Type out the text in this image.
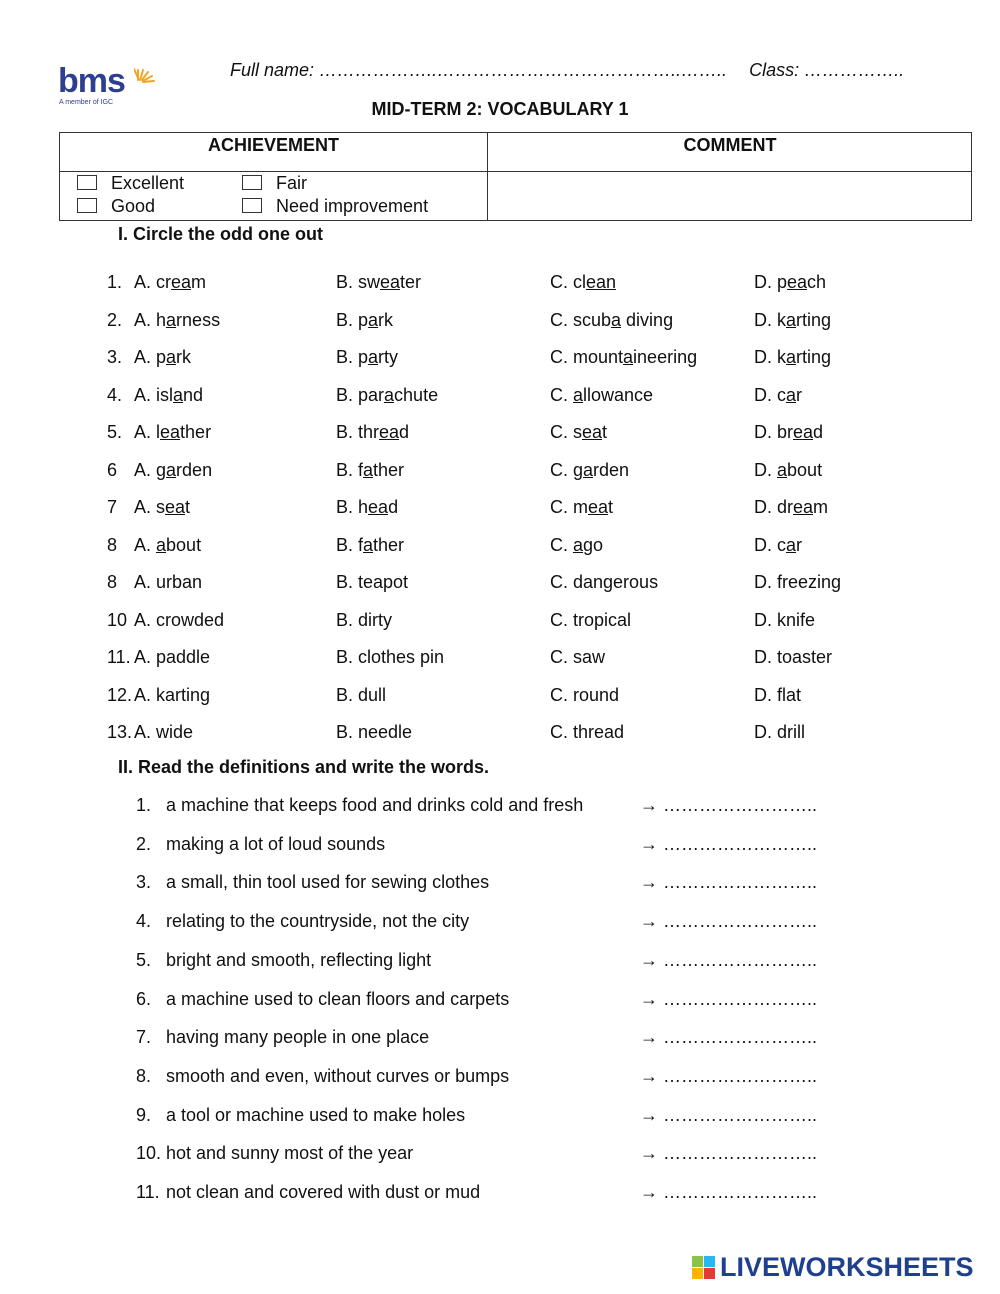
bms
A member of IGC
Full name: ………………..…………………………………..…….. Class: ……………..
MID-TERM 2: VOCABULARY 1
ACHIEVEMENT	COMMENT
Excellent	Fair
Good	Need improvement
I. Circle the odd one out
1. A. cream	B. sweater	C. clean	D. peach
2. A. harness	B. park	C. scuba diving	D. karting
3. A. park	B. party	C. mountaineering	D. karting
4. A. island	B. parachute	C. allowance	D. car
5. A. leather	B. thread	C. seat	D. bread
6 A. garden	B. father	C. garden	D. about
7 A. seat	B. head	C. meat	D. dream
8 A. about	B. father	C. ago	D. car
8 A. urban	B. teapot	C. dangerous	D. freezing
10 A. crowded	B. dirty	C. tropical	D. knife
11. A. paddle	B. clothes pin	C. saw	D. toaster
12. A. karting	B. dull	C. round	D. flat
13. A. wide	B. needle	C. thread	D. drill
II. Read the definitions and write the words.
1. a machine that keeps food and drinks cold and fresh	→ ……………………..
2. making a lot of loud sounds	→ ……………………..
3. a small, thin tool used for sewing clothes	→ ……………………..
4. relating to the countryside, not the city	→ ……………………..
5. bright and smooth, reflecting light	→ ……………………..
6. a machine used to clean floors and carpets	→ ……………………..
7. having many people in one place	→ ……………………..
8. smooth and even, without curves or bumps	→ ……………………..
9. a tool or machine used to make holes	→ ……………………..
10. hot and sunny most of the year	→ ……………………..
11. not clean and covered with dust or mud	→ ……………………..
LIVEWORKSHEETS
